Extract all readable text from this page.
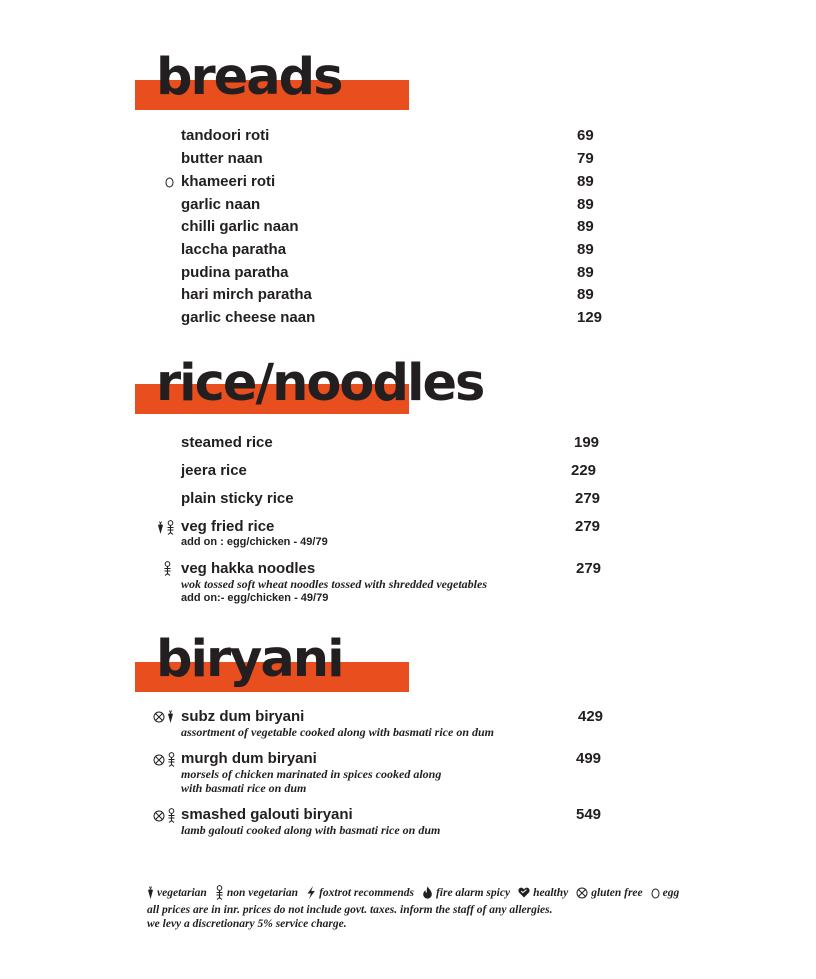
breads
tandoori roti	69
butter naan	79
khameeri roti	89
garlic naan	89
chilli garlic naan	89
laccha paratha	89
pudina paratha	89
hari mirch paratha	89
garlic cheese naan	129
rice/noodles
steamed rice	199
jeera rice	229
plain sticky rice	279
veg fried rice	279
add on : egg/chicken - 49/79
veg hakka noodles	279
wok tossed soft wheat noodles tossed with shredded vegetables
add on:- egg/chicken - 49/79
biryani
subz dum biryani	429
assortment of vegetable cooked along with basmati rice on dum
murgh dum biryani	499
morsels of chicken marinated in spices cooked along
with basmati rice on dum
smashed galouti biryani	549
lamb galouti cooked along with basmati rice on dum
vegetarian non vegetarian foxtrot recommends fire alarm spicy healthy gluten free egg
all prices are in inr. prices do not include govt. taxes. inform the staff of any allergies.
we levy a discretionary 5% service charge.
